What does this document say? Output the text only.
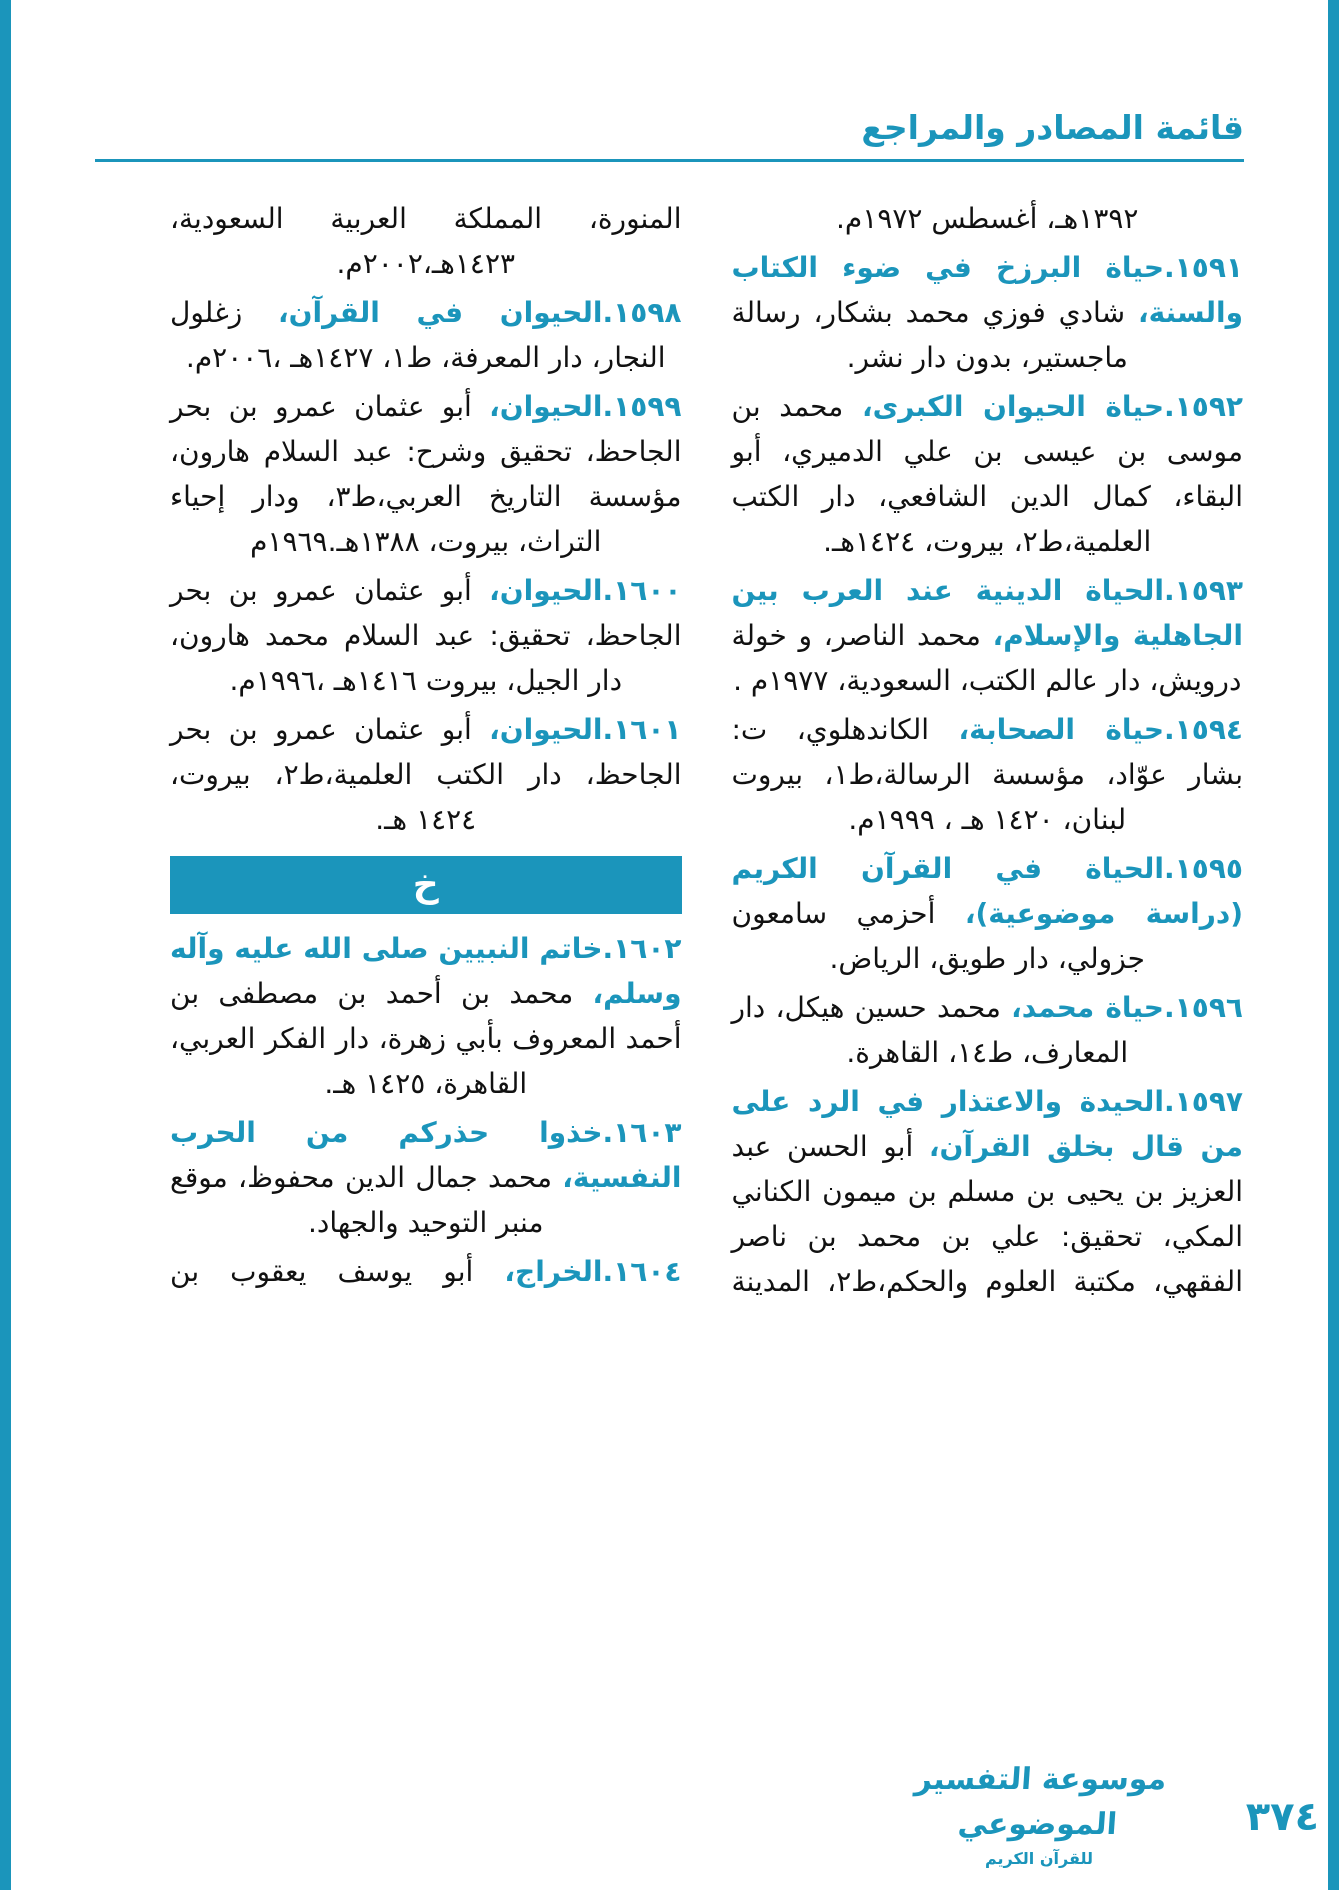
قائمة المصادر والمراجع

١٣٩٢هـ، أغسطس ١٩٧٢م.

١٥٩١.حياة البرزخ في ضوء الكتاب والسنة، شادي فوزي محمد بشكار، رسالة ماجستير، بدون دار نشر.

١٥٩٢.حياة الحيوان الكبرى، محمد بن موسى بن عيسى بن علي الدميري، أبو البقاء، كمال الدين الشافعي، دار الكتب العلمية،ط٢، بيروت، ١٤٢٤هـ.

١٥٩٣.الحياة الدينية عند العرب بين الجاهلية والإسلام، محمد الناصر، و خولة درويش، دار عالم الكتب، السعودية، ١٩٧٧م .

١٥٩٤.حياة الصحابة، الكاندهلوي، ت: بشار عوّاد، مؤسسة الرسالة،ط١، بيروت لبنان، ١٤٢٠ هـ ، ١٩٩٩م.

١٥٩٥.الحياة في القرآن الكريم (دراسة موضوعية)، أحزمي سامعون جزولي، دار طويق، الرياض.

١٥٩٦.حياة محمد، محمد حسين هيكل، دار المعارف، ط١٤، القاهرة.

١٥٩٧.الحيدة والاعتذار في الرد على من قال بخلق القرآن، أبو الحسن عبد العزيز بن يحيى بن مسلم بن ميمون الكناني المكي، تحقيق: علي بن محمد بن ناصر الفقهي، مكتبة العلوم والحكم،ط٢، المدينة

المنورة، المملكة العربية السعودية، ١٤٢٣هـ،٢٠٠٢م.

١٥٩٨.الحيوان في القرآن، زغلول النجار، دار المعرفة، ط١، ١٤٢٧هـ ،٢٠٠٦م.

١٥٩٩.الحيوان، أبو عثمان عمرو بن بحر الجاحظ، تحقيق وشرح: عبد السلام هارون، مؤسسة التاريخ العربي،ط٣، ودار إحياء التراث، بيروت، ١٣٨٨هـ.١٩٦٩م

١٦٠٠.الحيوان، أبو عثمان عمرو بن بحر الجاحظ، تحقيق: عبد السلام محمد هارون، دار الجيل، بيروت ١٤١٦هـ ،١٩٩٦م.

١٦٠١.الحيوان، أبو عثمان عمرو بن بحر الجاحظ، دار الكتب العلمية،ط٢، بيروت، ١٤٢٤ هـ.

خ

١٦٠٢.خاتم النبيين صلى الله عليه وآله وسلم، محمد بن أحمد بن مصطفى بن أحمد المعروف بأبي زهرة، دار الفكر العربي، القاهرة، ١٤٢٥ هـ.

١٦٠٣.خذوا حذركم من الحرب النفسية، محمد جمال الدين محفوظ، موقع منبر التوحيد والجهاد.

١٦٠٤.الخراج، أبو يوسف يعقوب بن

موسوعة التفسير الموضوعي
للقرآن الكريم
٣٧٤
